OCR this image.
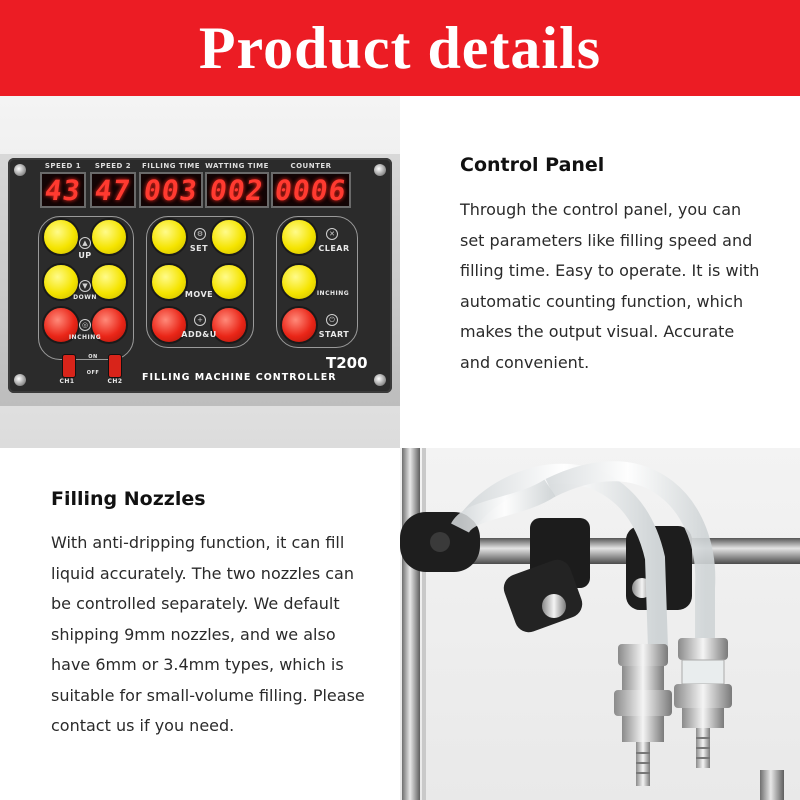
Product details
SPEED 1
43
SPEED 2
47
FILLING TIME
003
WATTING TIME
002
COUNTER
0006
▲
UP
▼
DOWN
◎
INCHING
ON
OFF
CH1	CH2
⚙
SET
MOVE
+
ADD&U
✕
CLEAR
INCHING
⏻
START
T200
FILLING MACHINE CONTROLLER
Control Panel

Through the control panel, you can set parameters like filling speed and filling time. Easy to operate. It is with automatic counting function, which makes the output visual. Accurate and convenient.

Filling Nozzles

With anti-dripping function, it can fill liquid accurately. The two nozzles can be controlled separately. We default shipping 9mm nozzles, and we also have 6mm or 3.4mm types, which is suitable for small-volume filling. Please contact us if you need.
